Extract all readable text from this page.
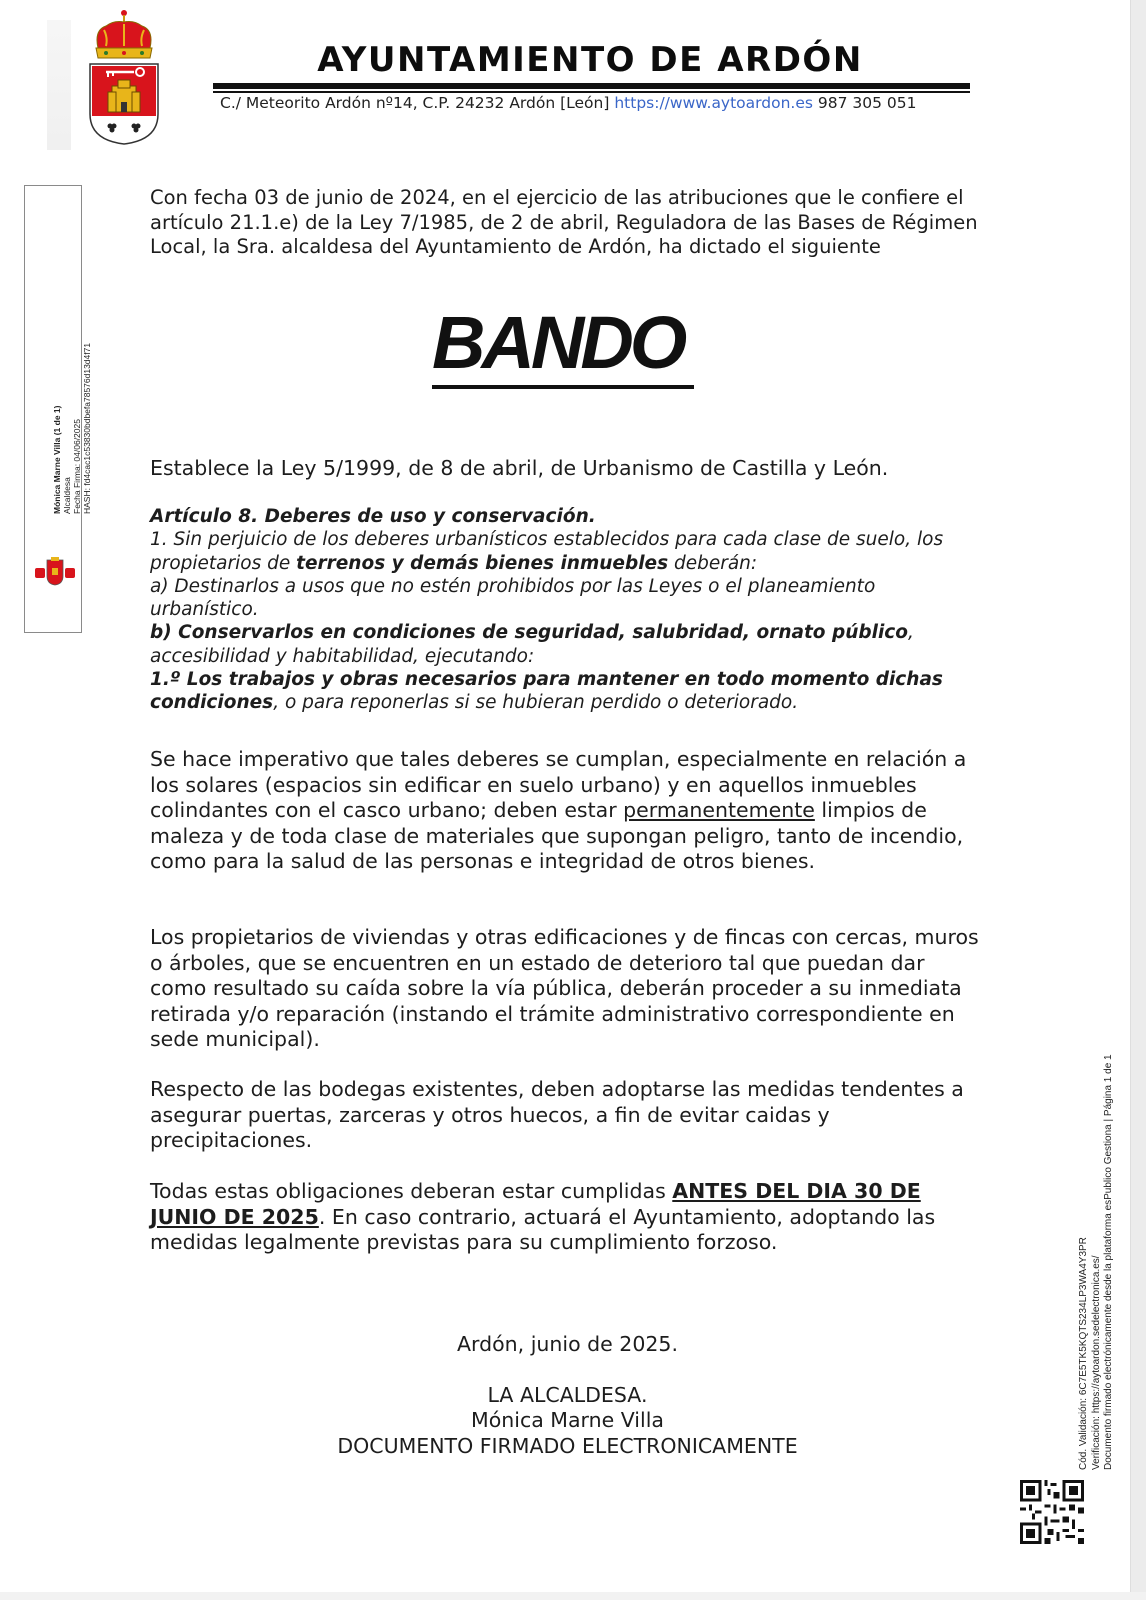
AYUNTAMIENTO DE ARDÓN
C./ Meteorito Ardón nº14, C.P. 24232 Ardón [León] https://www.aytoardon.es 987 305 051
Mónica Marne Villa (1 de 1)
Alcaldesa
Fecha Firma: 04/06/2025
HASH: fd4cac1c53830bdbefa78576d13d4f71
Con fecha 03 de junio de 2024, en el ejercicio de las atribuciones que le confiere el artículo 21.1.e) de la Ley 7/1985, de 2 de abril, Reguladora de las Bases de Régimen Local, la Sra. alcaldesa del Ayuntamiento de Ardón, ha dictado el siguiente
BANDO
Establece la Ley 5/1999, de 8 de abril, de Urbanismo de Castilla y León.
Artículo 8. Deberes de uso y conservación.
1. Sin perjuicio de los deberes urbanísticos establecidos para cada clase de suelo, los propietarios de terrenos y demás bienes inmuebles deberán:
a) Destinarlos a usos que no estén prohibidos por las Leyes o el planeamiento urbanístico.
b) Conservarlos en condiciones de seguridad, salubridad, ornato público, accesibilidad y habitabilidad, ejecutando:
1.º Los trabajos y obras necesarios para mantener en todo momento dichas condiciones, o para reponerlas si se hubieran perdido o deteriorado.
Se hace imperativo que tales deberes se cumplan, especialmente en relación a los solares (espacios sin edificar en suelo urbano) y en aquellos inmuebles colindantes con el casco urbano; deben estar permanentemente limpios de maleza y de toda clase de materiales que supongan peligro, tanto de incendio, como para la salud de las personas e integridad de otros bienes.
Los propietarios de viviendas y otras edificaciones y de fincas con cercas, muros o árboles, que se encuentren en un estado de deterioro tal que puedan dar como resultado su caída sobre la vía pública, deberán proceder a su inmediata retirada y/o reparación (instando el trámite administrativo correspondiente en sede municipal).
Respecto de las bodegas existentes, deben adoptarse las medidas tendentes a asegurar puertas, zarceras y otros huecos, a fin de evitar caidas y precipitaciones.
Todas estas obligaciones deberan estar cumplidas ANTES DEL DIA 30 DE JUNIO DE 2025. En caso contrario, actuará el Ayuntamiento, adoptando las medidas legalmente previstas para su cumplimiento forzoso.
Ardón, junio de 2025.
LA ALCALDESA.
Mónica Marne Villa
DOCUMENTO FIRMADO ELECTRONICAMENTE	Cód. Validación: 6C7E5TK5KQTS234LP3WA4Y3PR Verificación: https://aytoardon.sedelectronica.es/ Documento firmado electrónicamente desde la plataforma esPublico Gestiona | Página 1 de 1
